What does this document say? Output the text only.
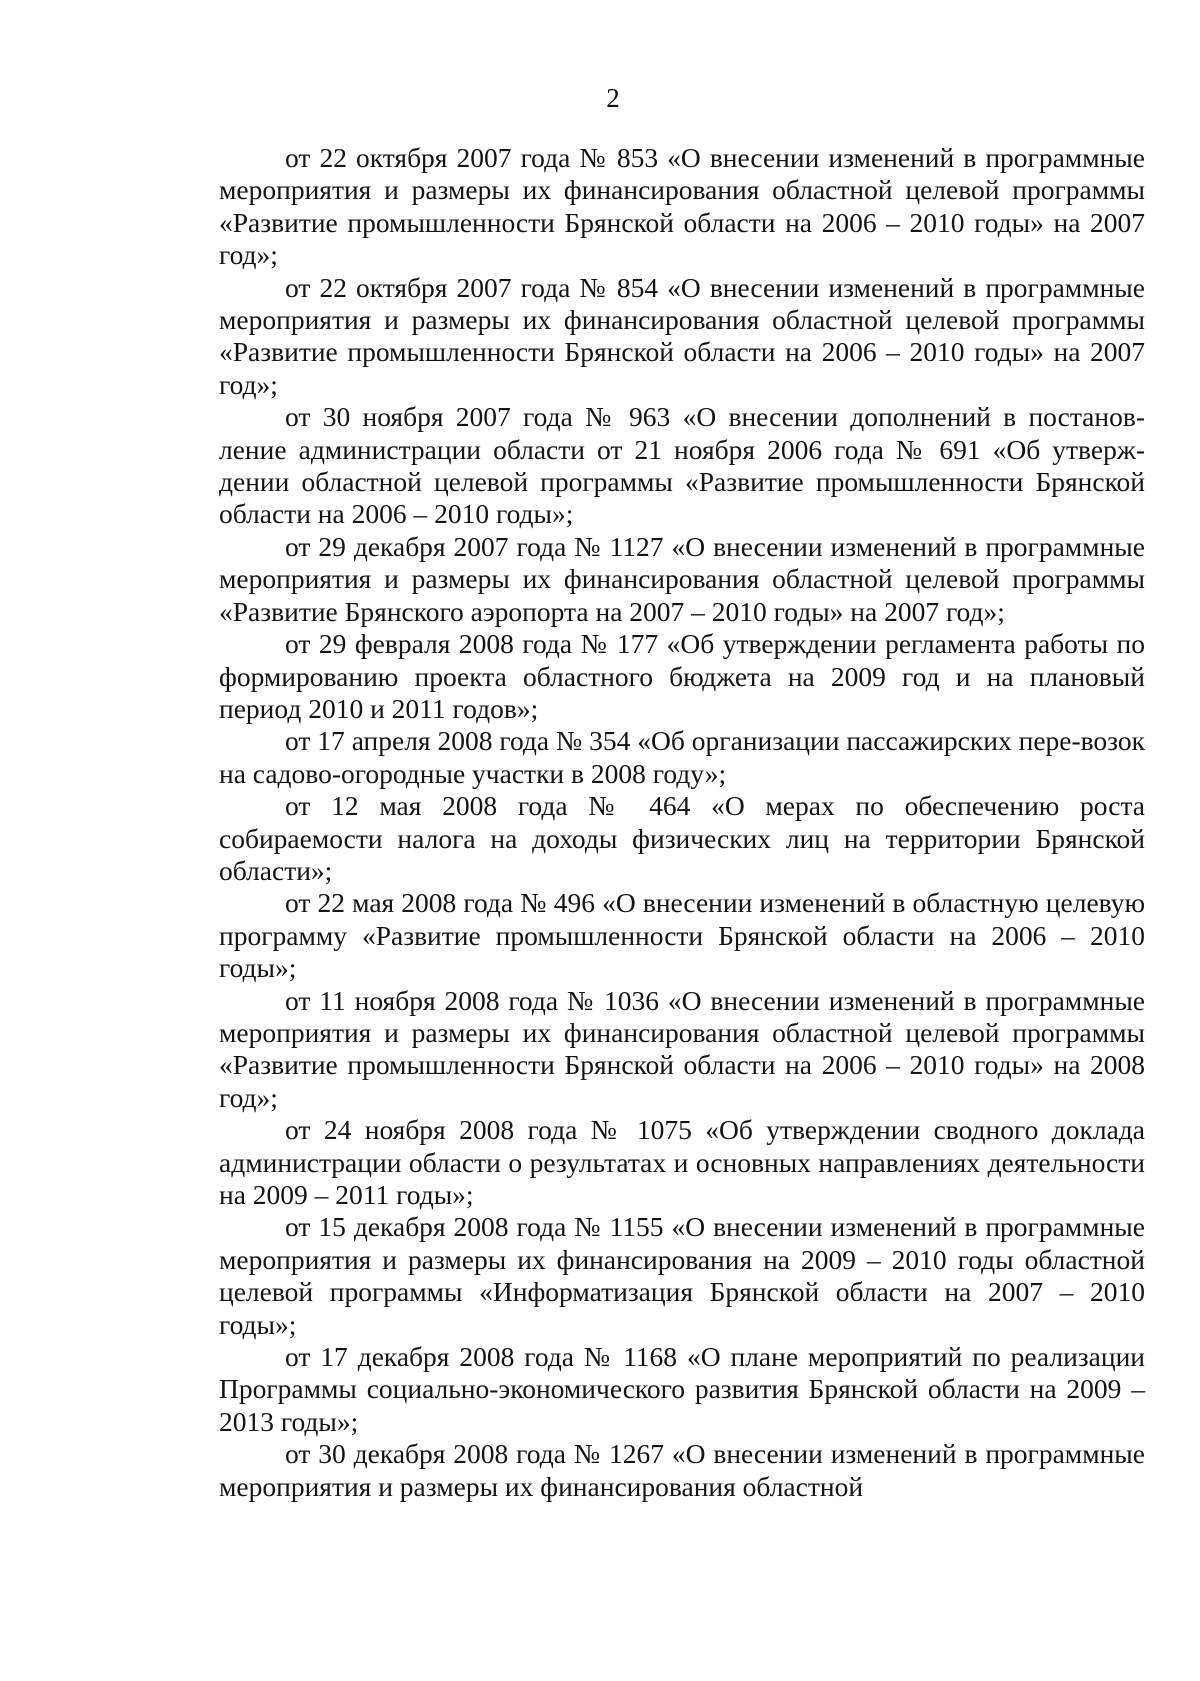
2

от 22 октября 2007 года № 853 «О внесении изменений в программные мероприятия и размеры их финансирования областной целевой программы «Развитие промышленности Брянской области на 2006 – 2010 годы» на 2007 год»;

от 22 октября 2007 года № 854 «О внесении изменений в программные мероприятия и размеры их финансирования областной целевой программы «Развитие промышленности Брянской области на 2006 – 2010 годы» на 2007 год»;

от 30 ноября 2007 года № 963 «О внесении дополнений в постанов-ление администрации области от 21 ноября 2006 года № 691 «Об утверж-дении областной целевой программы «Развитие промышленности Брянской области на 2006 – 2010 годы»;

от 29 декабря 2007 года № 1127 «О внесении изменений в программные мероприятия и размеры их финансирования областной целевой программы «Развитие Брянского аэропорта на 2007 – 2010 годы» на 2007 год»;

от 29 февраля 2008 года № 177 «Об утверждении регламента работы по формированию проекта областного бюджета на 2009 год и на плановый период 2010 и 2011 годов»;

от 17 апреля 2008 года № 354 «Об организации пассажирских пере-возок на садово-огородные участки в 2008 году»;

от 12 мая 2008 года № 464 «О мерах по обеспечению роста собираемости налога на доходы физических лиц на территории Брянской области»;

от 22 мая 2008 года № 496 «О внесении изменений в областную целевую программу «Развитие промышленности Брянской области на 2006 – 2010 годы»;

от 11 ноября 2008 года № 1036 «О внесении изменений в программные мероприятия и размеры их финансирования областной целевой программы «Развитие промышленности Брянской области на 2006 – 2010 годы» на 2008 год»;

от 24 ноября 2008 года № 1075 «Об утверждении сводного доклада администрации области о результатах и основных направлениях деятельности на 2009 – 2011 годы»;

от 15 декабря 2008 года № 1155 «О внесении изменений в программные мероприятия и размеры их финансирования на 2009 – 2010 годы областной целевой программы «Информатизация Брянской области на 2007 – 2010 годы»;

от 17 декабря 2008 года № 1168 «О плане мероприятий по реализации Программы социально-экономического развития Брянской области на 2009 – 2013 годы»;

от 30 декабря 2008 года № 1267 «О внесении изменений в программные мероприятия и размеры их финансирования областной
